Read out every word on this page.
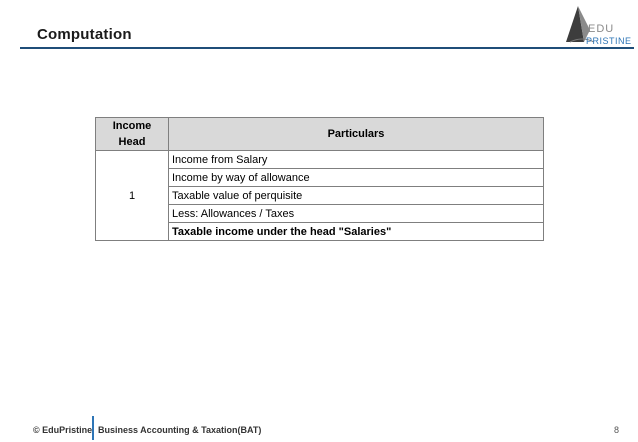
Computation	EDU
PRISTINE
Income Head	Particulars
1	Income from Salary
	Income by way of allowance
	Taxable value of perquisite
	Less: Allowances / Taxes
	Taxable income under the head "Salaries"
© EduPristine Business Accounting & Taxation(BAT)	8
